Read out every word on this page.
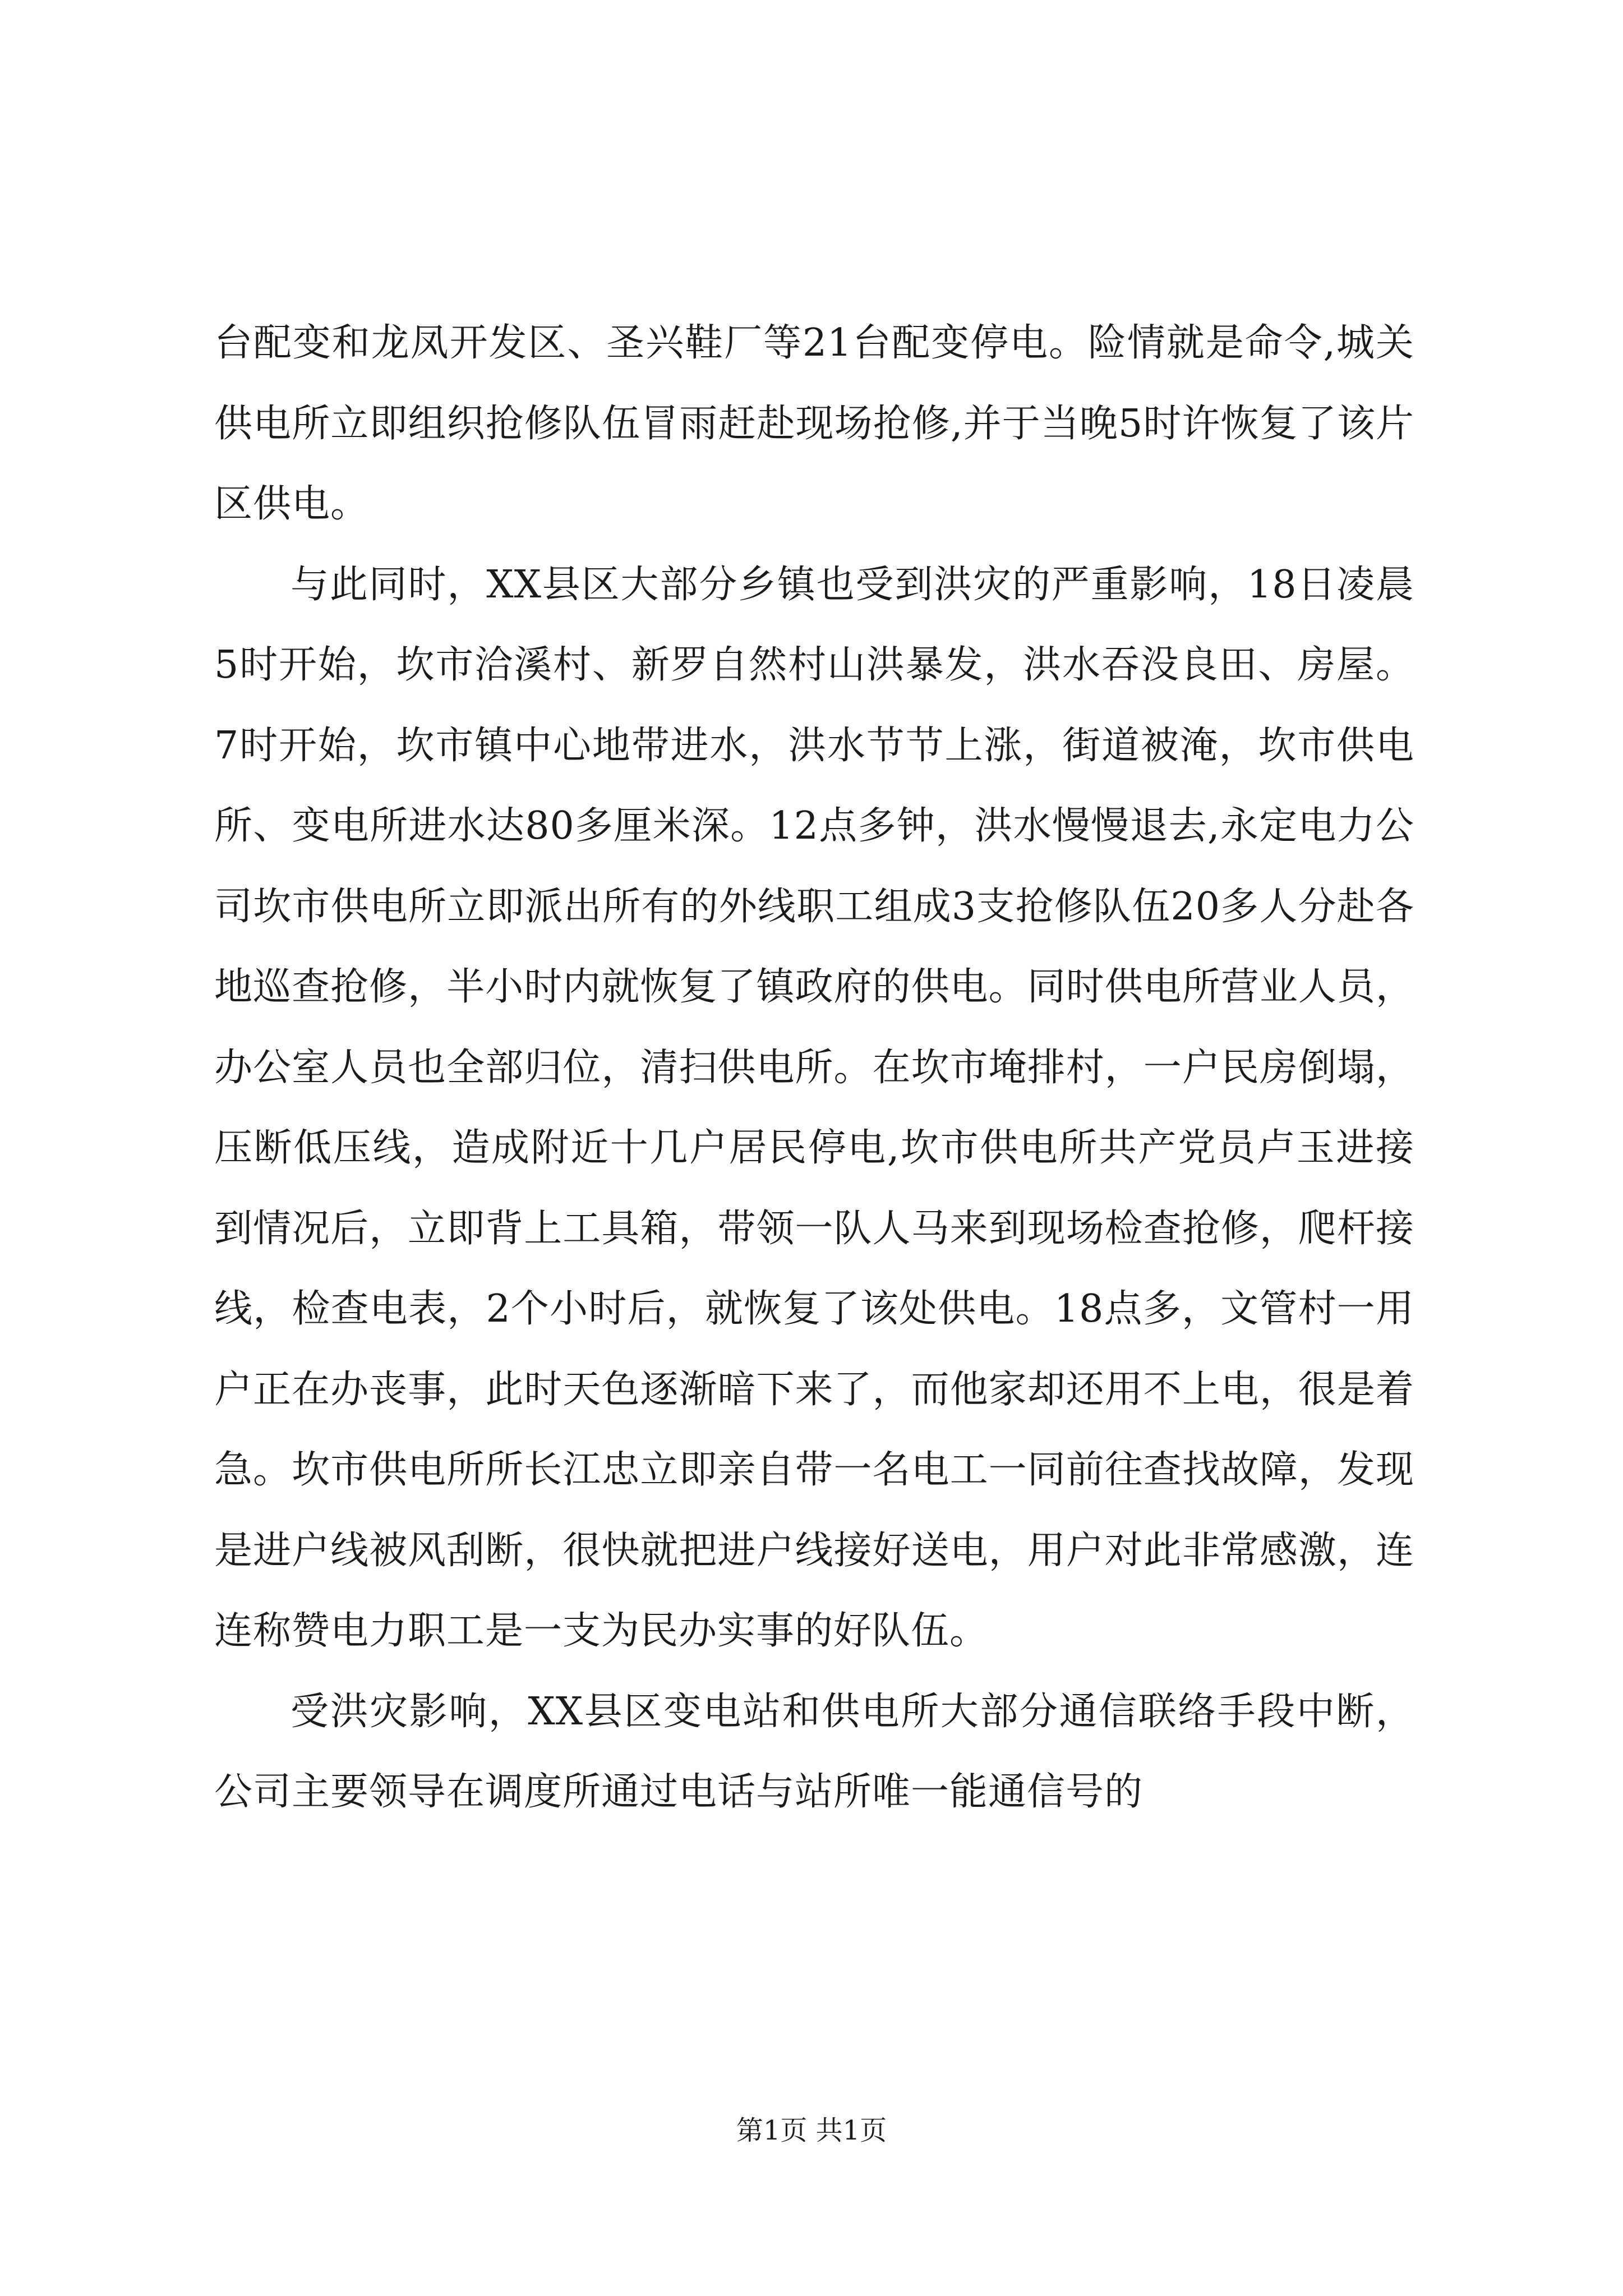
台配变和龙凤开发区、圣兴鞋厂等21台配变停电。险情就是命令,城关供电所立即组织抢修队伍冒雨赶赴现场抢修,并于当晚5时许恢复了该片区供电。

与此同时，XX县区大部分乡镇也受到洪灾的严重影响，18日凌晨5时开始，坎市洽溪村、新罗自然村山洪暴发，洪水吞没良田、房屋。7时开始，坎市镇中心地带进水，洪水节节上涨，街道被淹，坎市供电所、变电所进水达80多厘米深。12点多钟，洪水慢慢退去,永定电力公司坎市供电所立即派出所有的外线职工组成3支抢修队伍20多人分赴各地巡查抢修，半小时内就恢复了镇政府的供电。同时供电所营业人员，办公室人员也全部归位，清扫供电所。在坎市埯排村，一户民房倒塌，压断低压线，造成附近十几户居民停电,坎市供电所共产党员卢玉进接到情况后，立即背上工具箱，带领一队人马来到现场检查抢修，爬杆接线，检查电表，2个小时后，就恢复了该处供电。18点多，文管村一用户正在办丧事，此时天色逐渐暗下来了，而他家却还用不上电，很是着急。坎市供电所所长江忠立即亲自带一名电工一同前往查找故障，发现是进户线被风刮断，很快就把进户线接好送电，用户对此非常感激，连连称赞电力职工是一支为民办实事的好队伍。

受洪灾影响，XX县区变电站和供电所大部分通信联络手段中断，公司主要领导在调度所通过电话与站所唯一能通信号的

第1页 共1页
